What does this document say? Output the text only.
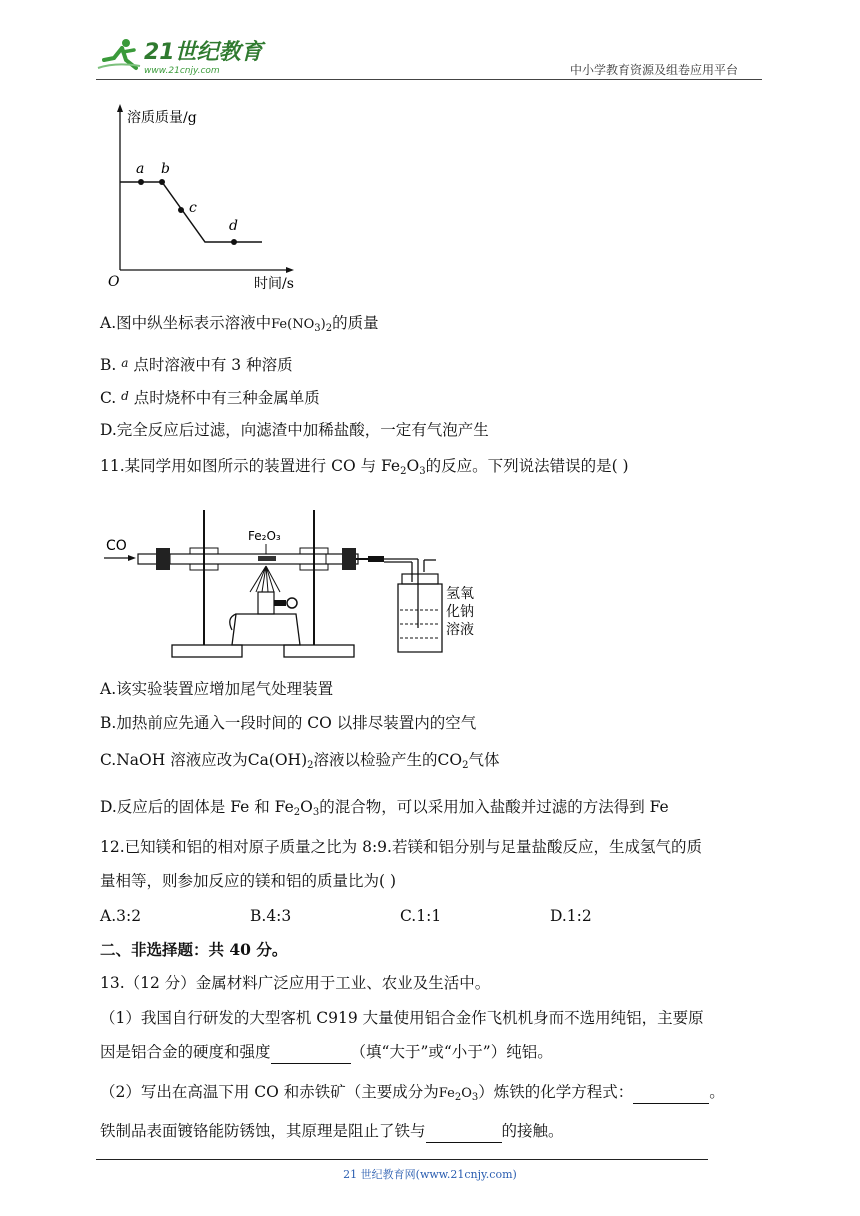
21世纪教育
www.21cnjy.com	中小学教育资源及组卷应用平台
溶质质量/g
时间/s
O
a b
c
d
A.图中纵坐标表示溶液中$Fe(NO_3)_2$的质量
B. a 点时溶液中有 3 种溶质
C. d 点时烧杯中有三种金属单质
D.完全反应后过滤，向滤渣中加稀盐酸，一定有气泡产生
11.某同学用如图所示的装置进行 CO 与 $Fe_2O_3$的反应。下列说法错误的是( )
CO
Fe₂O₃
氢氧
化钠
溶液
A.该实验装置应增加尾气处理装置
B.加热前应先通入一段时间的 CO 以排尽装置内的空气
C.NaOH 溶液应改为$Ca(OH)_2$溶液以检验产生的$CO_2$气体
D.反应后的固体是 Fe 和 $Fe_2O_3$的混合物，可以采用加入盐酸并过滤的方法得到 Fe
12.已知镁和铝的相对原子质量之比为 8:9.若镁和铝分别与足量盐酸反应，生成氢气的质
量相等，则参加反应的镁和铝的质量比为( )
A.3:2	B.4:3	C.1:1	D.1:2
二、非选择题：共 40 分。
13.（12 分）金属材料广泛应用于工业、农业及生活中。
（1）我国自行研发的大型客机 C919 大量使用铝合金作飞机机身而不选用纯铝，主要原
因是铝合金的硬度和强度	（填“大于”或“小于”）纯铝。
（2）写出在高温下用 CO 和赤铁矿（主要成分为$Fe_2O_3$）炼铁的化学方程式：	。
铁制品表面镀铬能防锈蚀，其原理是阻止了铁与	的接触。
21 世纪教育网(www.21cnjy.com)
